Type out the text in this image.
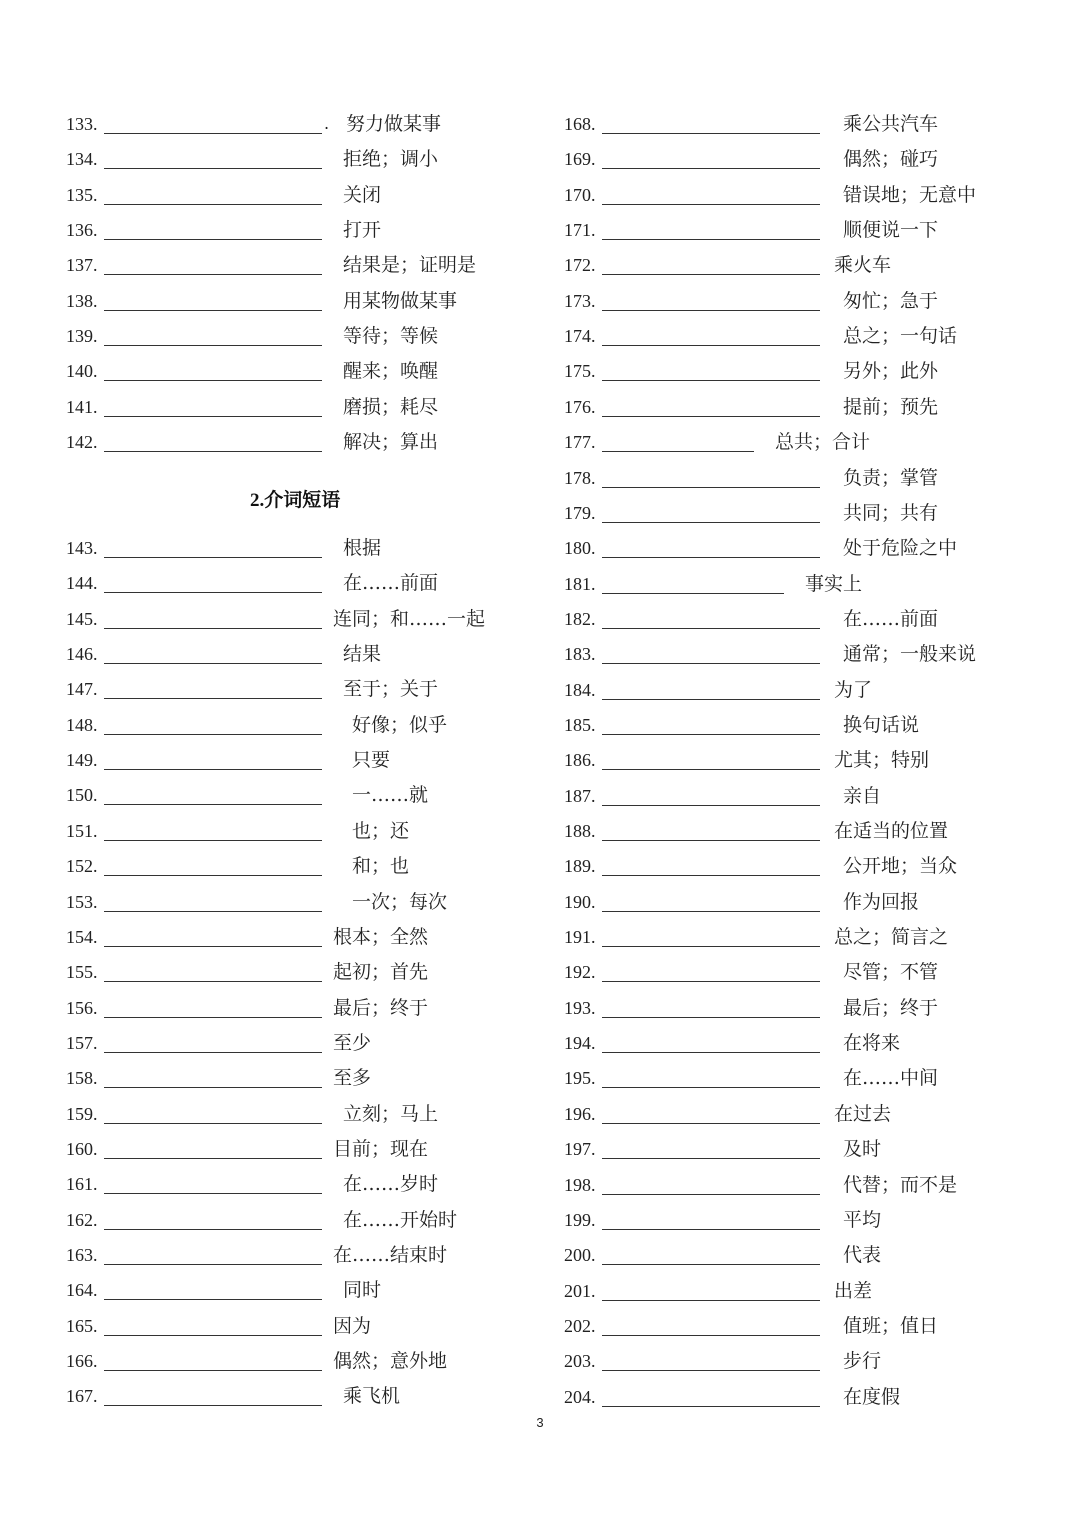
2.介词短语
133.	努力做某事
134.	拒绝；调小
135.	关闭
136.	打开
137.	结果是；证明是
138.	用某物做某事
139.	等待；等候
140.	醒来；唤醒
141.	磨损；耗尽
142.	解决；算出
.
143.	根据
144.	在……前面
145.	连同；和……一起
146.	结果
147.	至于；关于
148.	好像；似乎
149.	只要
150.	一……就
151.	也；还
152.	和；也
153.	一次；每次
154.	根本；全然
155.	起初；首先
156.	最后；终于
157.	至少
158.	至多
159.	立刻；马上
160.	目前；现在
161.	在……岁时
162.	在……开始时
163.	在……结束时
164.	同时
165.	因为
166.	偶然；意外地
167.	乘飞机
168.	乘公共汽车
169.	偶然；碰巧
170.	错误地；无意中
171.	顺便说一下
172.	乘火车
173.	匆忙；急于
174.	总之；一句话
175.	另外；此外
176.	提前；预先
177.	总共；合计
178.	负责；掌管
179.	共同；共有
180.	处于危险之中
181.	事实上
182.	在……前面
183.	通常；一般来说
184.	为了
185.	换句话说
186.	尤其；特别
187.	亲自
188.	在适当的位置
189.	公开地；当众
190.	作为回报
191.	总之；简言之
192.	尽管；不管
193.	最后；终于
194.	在将来
195.	在……中间
196.	在过去
197.	及时
198.	代替；而不是
199.	平均
200.	代表
201.	出差
202.	值班；值日
203.	步行
204.	在度假
3
